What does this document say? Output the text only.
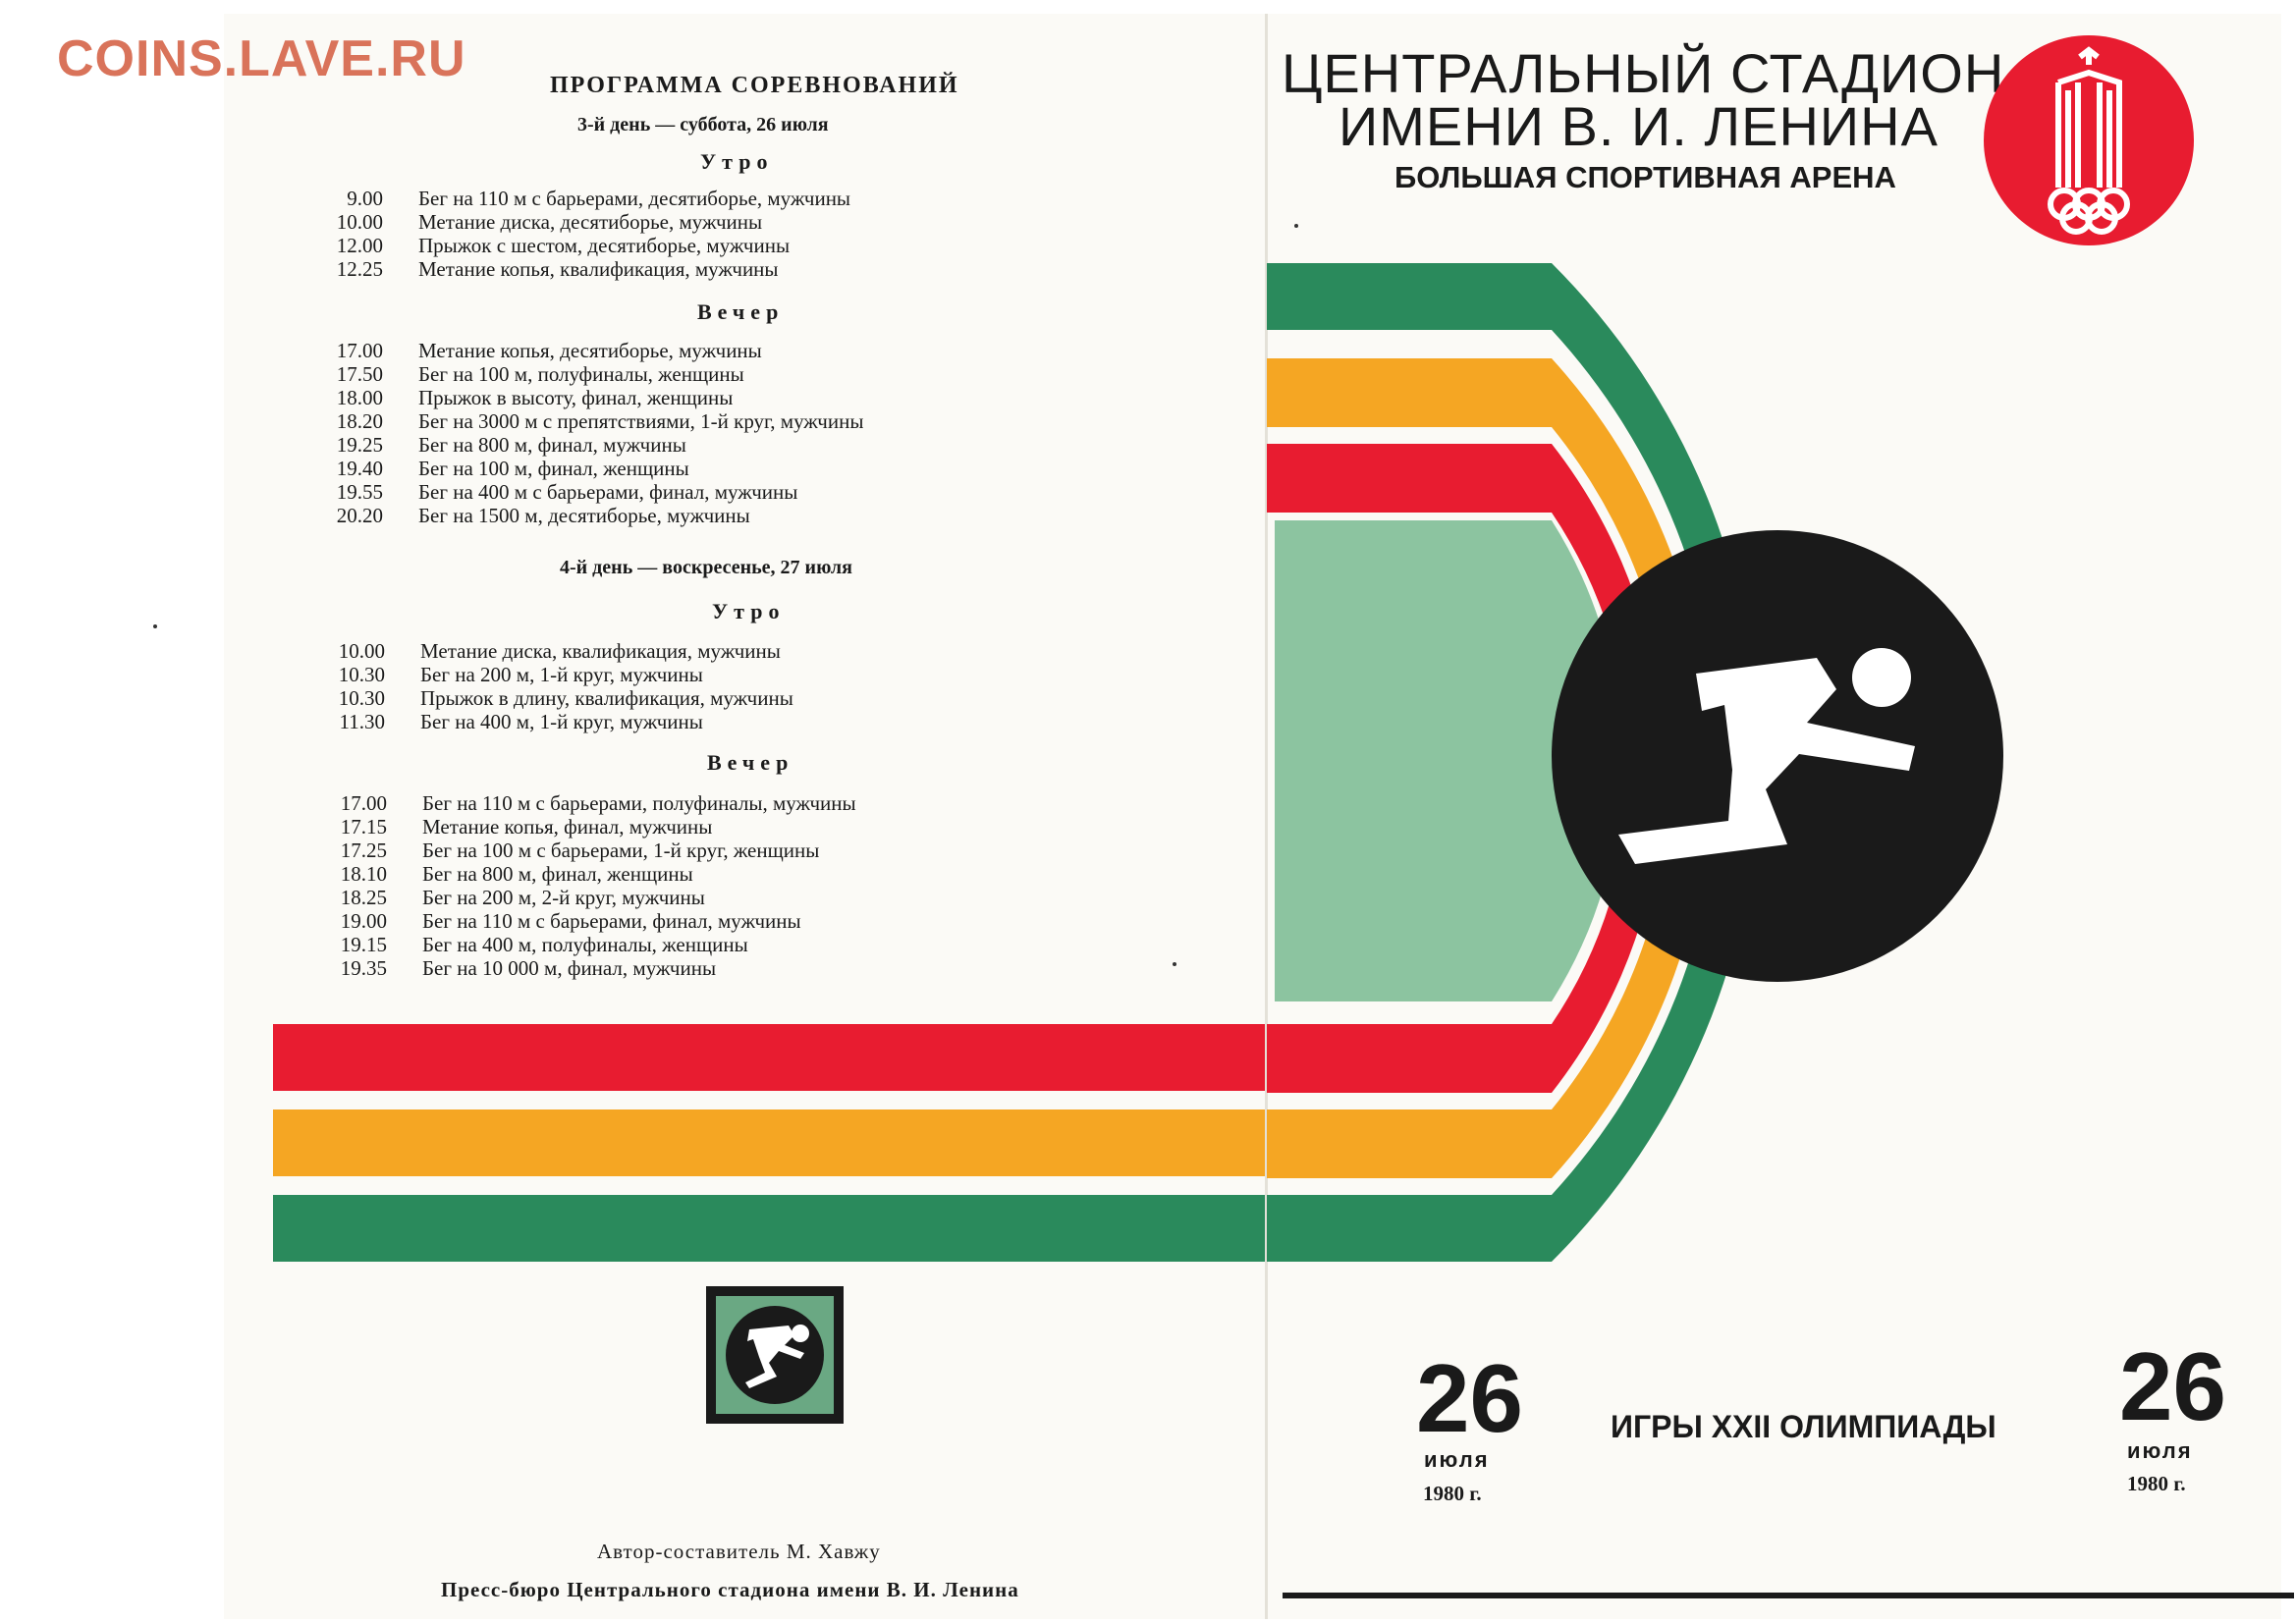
COINS.LAVE.RU	ПРОГРАММА СОРЕВНОВАНИЙ
3-й день — суббота, 26 июля
Утро
9.00 Бег на 110 м с барьерами, десятиборье, мужчины
10.00 Метание диска, десятиборье, мужчины
12.00 Прыжок с шестом, десятиборье, мужчины
12.25 Метание копья, квалификация, мужчины
Вечер
17.00 Метание копья, десятиборье, мужчины
17.50 Бег на 100 м, полуфиналы, женщины
18.00 Прыжок в высоту, финал, женщины
18.20 Бег на 3000 м с препятствиями, 1-й круг, мужчины
19.25 Бег на 800 м, финал, мужчины
19.40 Бег на 100 м, финал, женщины
19.55 Бег на 400 м с барьерами, финал, мужчины
20.20 Бег на 1500 м, десятиборье, мужчины
4-й день — воскресенье, 27 июля
Утро
10.00 Метание диска, квалификация, мужчины
10.30 Бег на 200 м, 1-й круг, мужчины
10.30 Прыжок в длину, квалификация, мужчины
11.30 Бег на 400 м, 1-й круг, мужчины
Вечер
17.00 Бег на 110 м с барьерами, полуфиналы, мужчины
17.15 Метание копья, финал, мужчины
17.25 Бег на 100 м с барьерами, 1-й круг, женщины
18.10 Бег на 800 м, финал, женщины
18.25 Бег на 200 м, 2-й круг, мужчины
19.00 Бег на 110 м с барьерами, финал, мужчины
19.15 Бег на 400 м, полуфиналы, женщины
19.35 Бег на 10 000 м, финал, мужчины
Автор-составитель М. Хавжу
Пресс-бюро Центрального стадиона имени В. И. Ленина
ЦЕНТРАЛЬНЫЙ СТАДИОН
ИМЕНИ В. И. ЛЕНИНА
БОЛЬШАЯ СПОРТИВНАЯ АРЕНА
26
июля
1980 г.
ИГРЫ XXII ОЛИМПИАДЫ 26
июля
1980 г.
